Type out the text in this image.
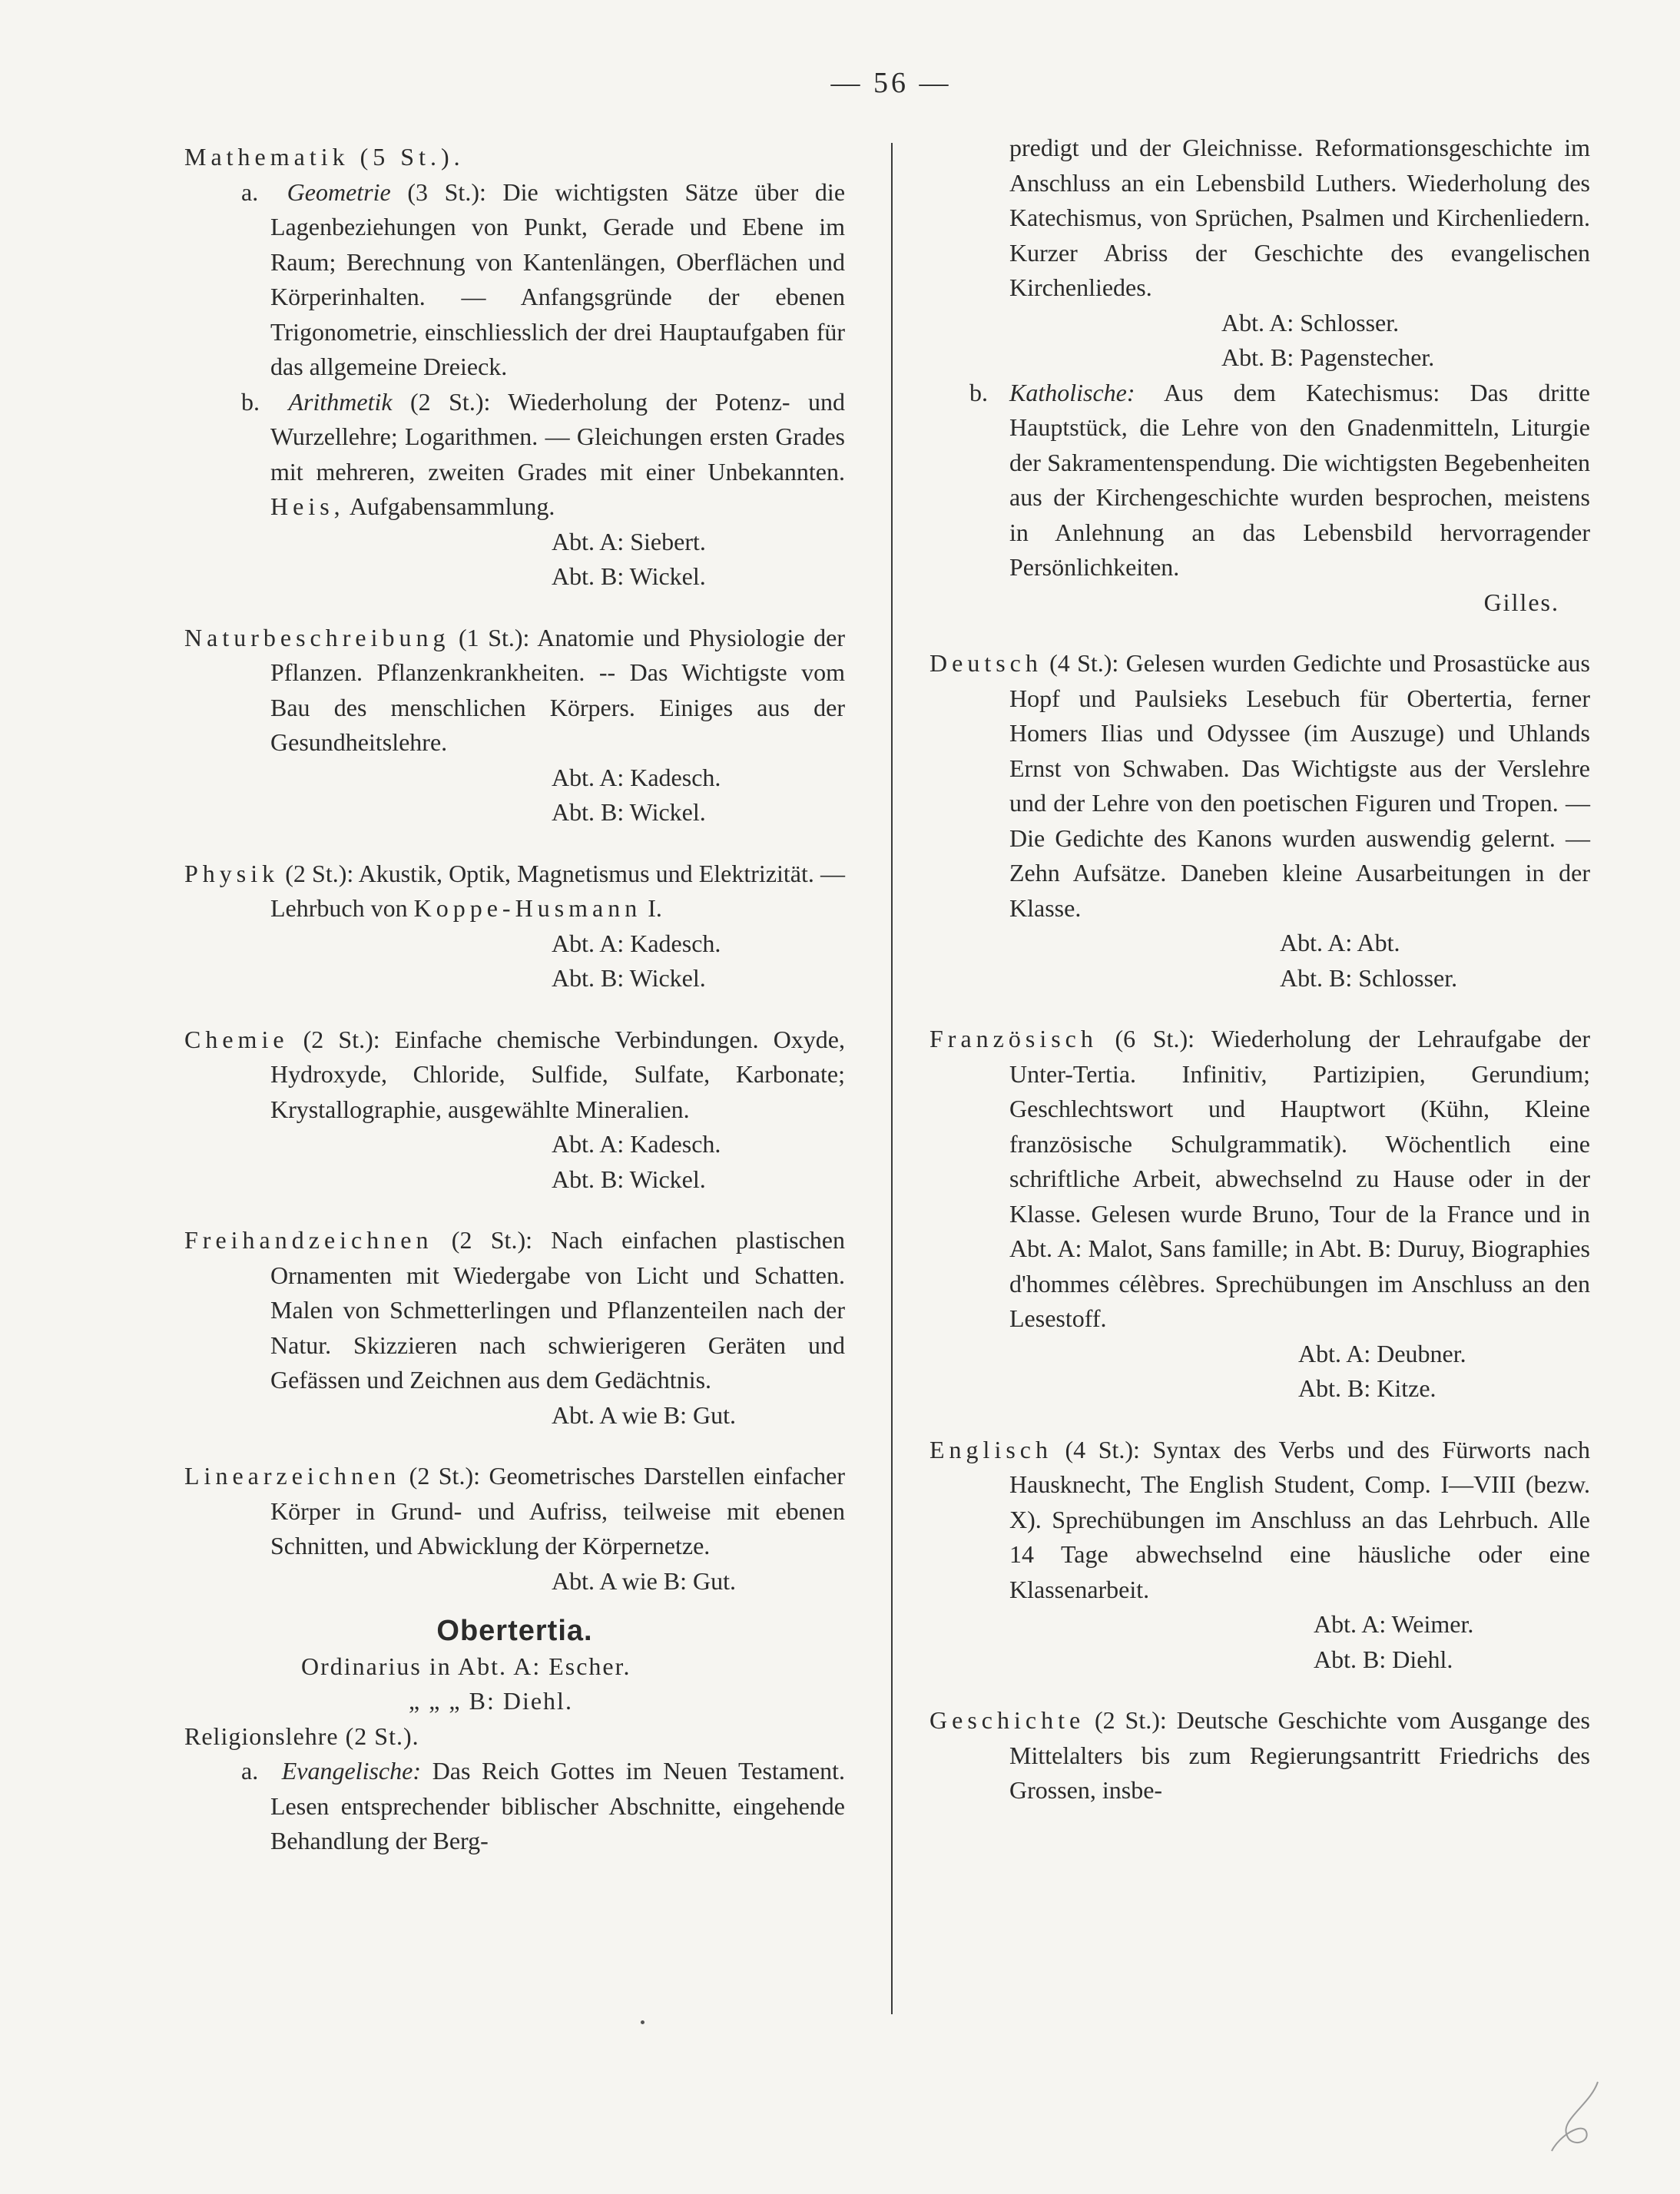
— 56 —
Mathematik (5 St.).
a. Geometrie (3 St.): Die wichtigsten Sätze über die Lagenbeziehungen von Punkt, Gerade und Ebene im Raum; Berechnung von Kantenlängen, Oberflächen und Körperinhalten. — Anfangsgründe der ebenen Trigonometrie, einschliesslich der drei Hauptaufgaben für das allgemeine Dreieck.
b. Arithmetik (2 St.): Wiederholung der Potenz- und Wurzellehre; Logarithmen. — Gleichungen ersten Grades mit mehreren, zweiten Grades mit einer Unbekannten. Heis, Aufgabensammlung.
Abt. A: Siebert.
Abt. B: Wickel.
Naturbeschreibung (1 St.): Anatomie und Physiologie der Pflanzen. Pflanzenkrankheiten. -- Das Wichtigste vom Bau des menschlichen Körpers. Einiges aus der Gesundheitslehre.
Abt. A: Kadesch.
Abt. B: Wickel.
Physik (2 St.): Akustik, Optik, Magnetismus und Elektrizität. — Lehrbuch von Koppe-Husmann I.
Abt. A: Kadesch.
Abt. B: Wickel.
Chemie (2 St.): Einfache chemische Verbindungen. Oxyde, Hydroxyde, Chloride, Sulfide, Sulfate, Karbonate; Krystallographie, ausgewählte Mineralien.
Abt. A: Kadesch.
Abt. B: Wickel.
Freihandzeichnen (2 St.): Nach einfachen plastischen Ornamenten mit Wiedergabe von Licht und Schatten. Malen von Schmetterlingen und Pflanzenteilen nach der Natur. Skizzieren nach schwierigeren Geräten und Gefässen und Zeichnen aus dem Gedächtnis.
Abt. A wie B: Gut.
Linearzeichnen (2 St.): Geometrisches Darstellen einfacher Körper in Grund- und Aufriss, teilweise mit ebenen Schnitten, und Abwicklung der Körpernetze.
Abt. A wie B: Gut.
Obertertia.
Ordinarius in Abt. A: Escher.
„ „ „ B: Diehl.
Religionslehre (2 St.).
a. Evangelische: Das Reich Gottes im Neuen Testament. Lesen entsprechender biblischer Abschnitte, eingehende Behandlung der Berg-
predigt und der Gleichnisse. Reformationsgeschichte im Anschluss an ein Lebensbild Luthers. Wiederholung des Katechismus, von Sprüchen, Psalmen und Kirchenliedern. Kurzer Abriss der Geschichte des evangelischen Kirchenliedes.
Abt. A: Schlosser.
Abt. B: Pagenstecher.
b. Katholische: Aus dem Katechismus: Das dritte Hauptstück, die Lehre von den Gnadenmitteln, Liturgie der Sakramentenspendung. Die wichtigsten Begebenheiten aus der Kirchengeschichte wurden besprochen, meistens in Anlehnung an das Lebensbild hervorragender Persönlichkeiten.
Gilles.
Deutsch (4 St.): Gelesen wurden Gedichte und Prosastücke aus Hopf und Paulsieks Lesebuch für Obertertia, ferner Homers Ilias und Odyssee (im Auszuge) und Uhlands Ernst von Schwaben. Das Wichtigste aus der Verslehre und der Lehre von den poetischen Figuren und Tropen. — Die Gedichte des Kanons wurden auswendig gelernt. — Zehn Aufsätze. Daneben kleine Ausarbeitungen in der Klasse.
Abt. A: Abt.
Abt. B: Schlosser.
Französisch (6 St.): Wiederholung der Lehraufgabe der Unter-Tertia. Infinitiv, Partizipien, Gerundium; Geschlechtswort und Hauptwort (Kühn, Kleine französische Schulgrammatik). Wöchentlich eine schriftliche Arbeit, abwechselnd zu Hause oder in der Klasse. Gelesen wurde Bruno, Tour de la France und in Abt. A: Malot, Sans famille; in Abt. B: Duruy, Biographies d'hommes célèbres. Sprechübungen im Anschluss an den Lesestoff.
Abt. A: Deubner.
Abt. B: Kitze.
Englisch (4 St.): Syntax des Verbs und des Fürworts nach Hausknecht, The English Student, Comp. I—VIII (bezw. X). Sprechübungen im Anschluss an das Lehrbuch. Alle 14 Tage abwechselnd eine häusliche oder eine Klassenarbeit.
Abt. A: Weimer.
Abt. B: Diehl.
Geschichte (2 St.): Deutsche Geschichte vom Ausgange des Mittelalters bis zum Regierungsantritt Friedrichs des Grossen, insbe-
